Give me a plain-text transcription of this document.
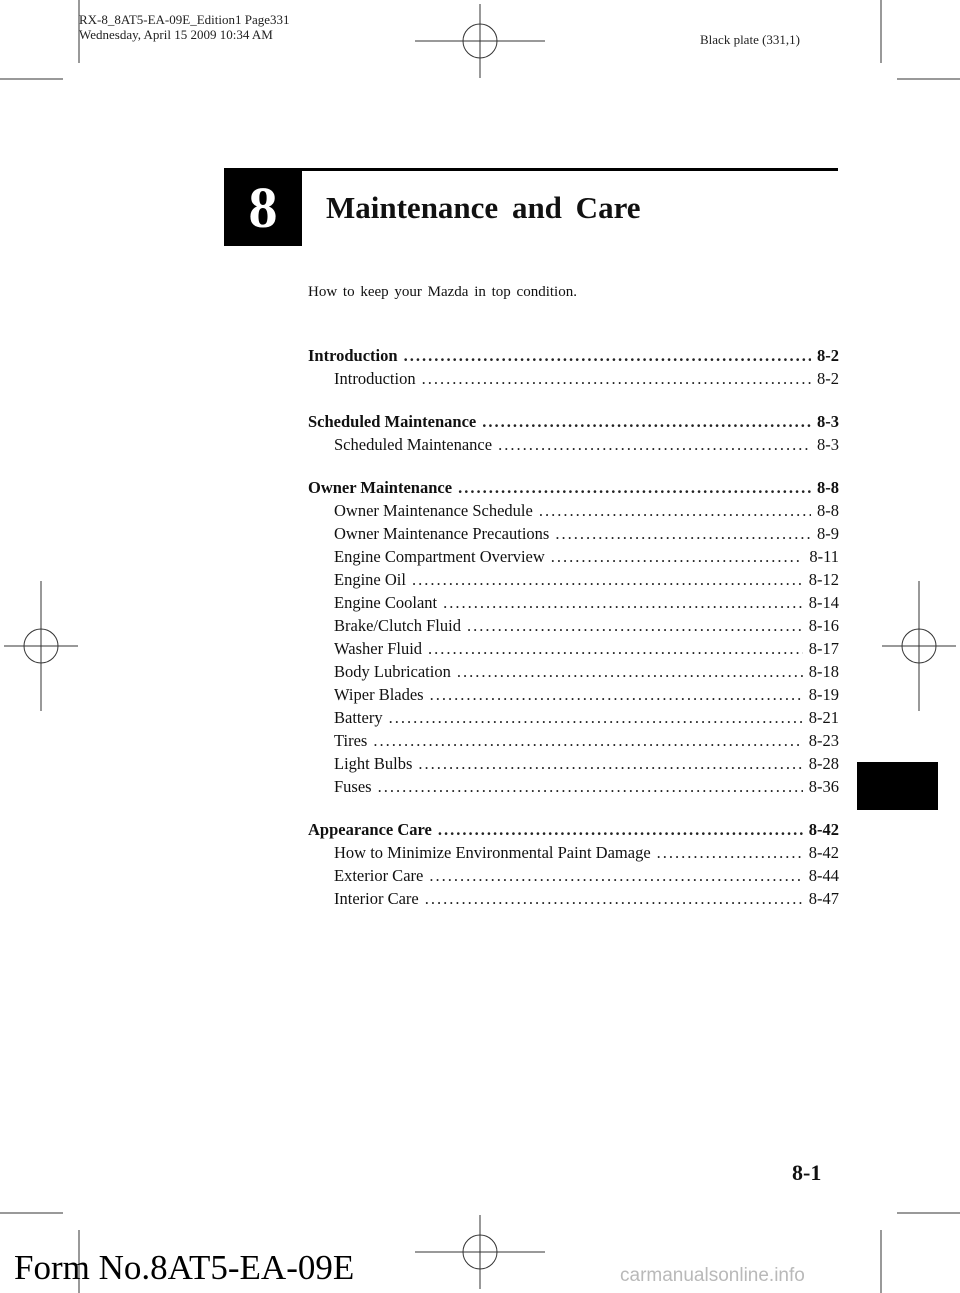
RX-8_8AT5-EA-09E_Edition1 Page331
Wednesday, April 15 2009 10:34 AM	Black plate (331,1)
8 Maintenance and Care
How to keep your Mazda in top condition.
Introduction .....	8-2
Introduction .....	8-2
Scheduled Maintenance .....	8-3
Scheduled Maintenance .....	8-3
Owner Maintenance .....	8-8
Owner Maintenance Schedule .....	8-8
Owner Maintenance Precautions .....	8-9
Engine Compartment Overview .....	8-11
Engine Oil .....	8-12
Engine Coolant .....	8-14
Brake/Clutch Fluid .....	8-16
Washer Fluid .....	8-17
Body Lubrication .....	8-18
Wiper Blades .....	8-19
Battery .....	8-21
Tires .....	8-23
Light Bulbs .....	8-28
Fuses .....	8-36
Appearance Care .....	8-42
How to Minimize Environmental Paint Damage .....	8-42
Exterior Care .....	8-44
Interior Care .....	8-47
8-1
Form No.8AT5-EA-09E	carmanualsonline.info
